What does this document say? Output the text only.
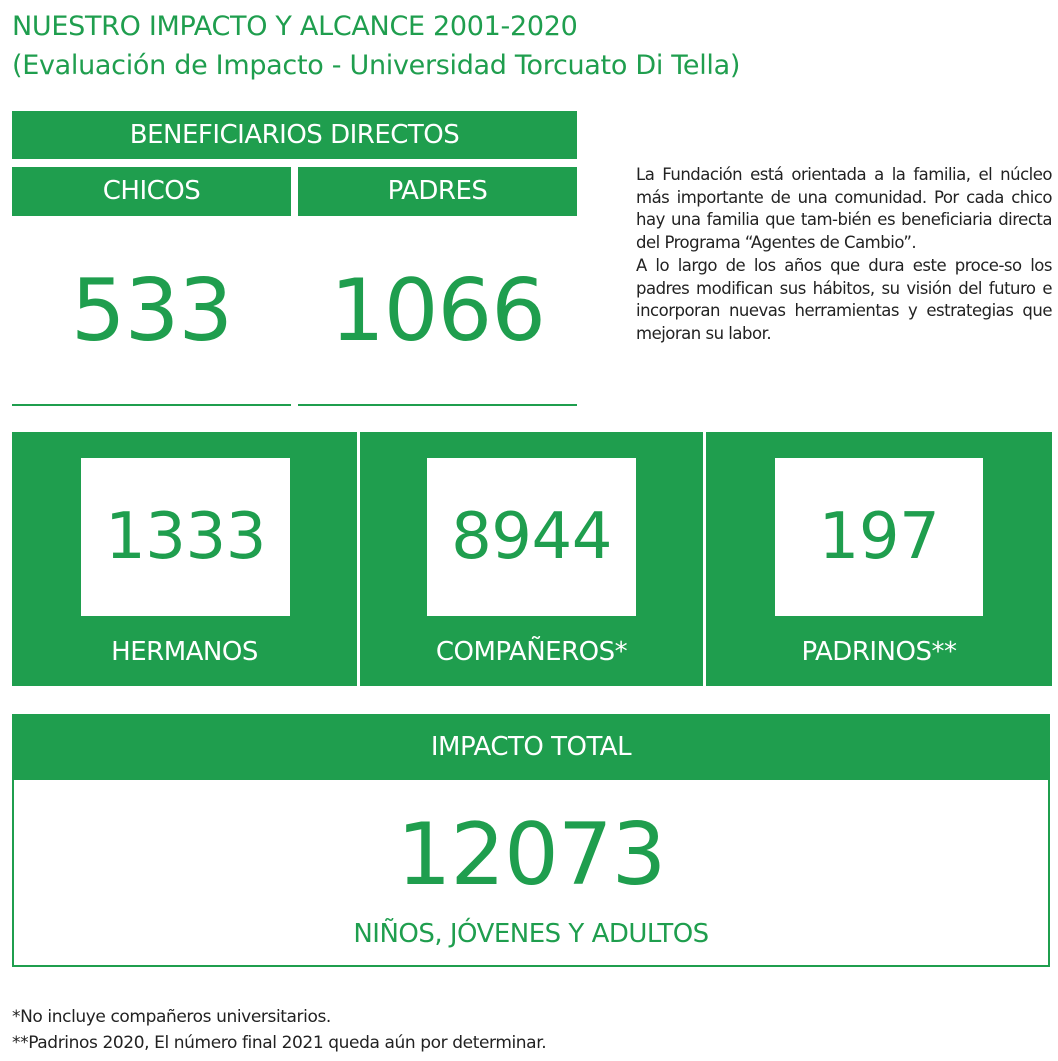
NUESTRO IMPACTO Y ALCANCE 2001-2020
(Evaluación de Impacto - Universidad Torcuato Di Tella)
BENEFICIARIOS DIRECTOS
CHICOS	PADRES
533	1066

La Fundación está orientada a la familia, el núcleo más importante de una comunidad. Por cada chico hay una familia que tam-bién es beneficiaria directa del Programa “Agentes de Cambio”.

A lo largo de los años que dura este proce-so los padres modifican sus hábitos, su visión del futuro e incorporan nuevas herramientas y estrategias que mejoran su labor.

1333
HERMANOS
8944
COMPAÑEROS*
197
PADRINOS**
IMPACTO TOTAL
12073
NIÑOS, JÓVENES Y ADULTOS
*No incluye compañeros universitarios.
**Padrinos 2020, El número final 2021 queda aún por determinar.
